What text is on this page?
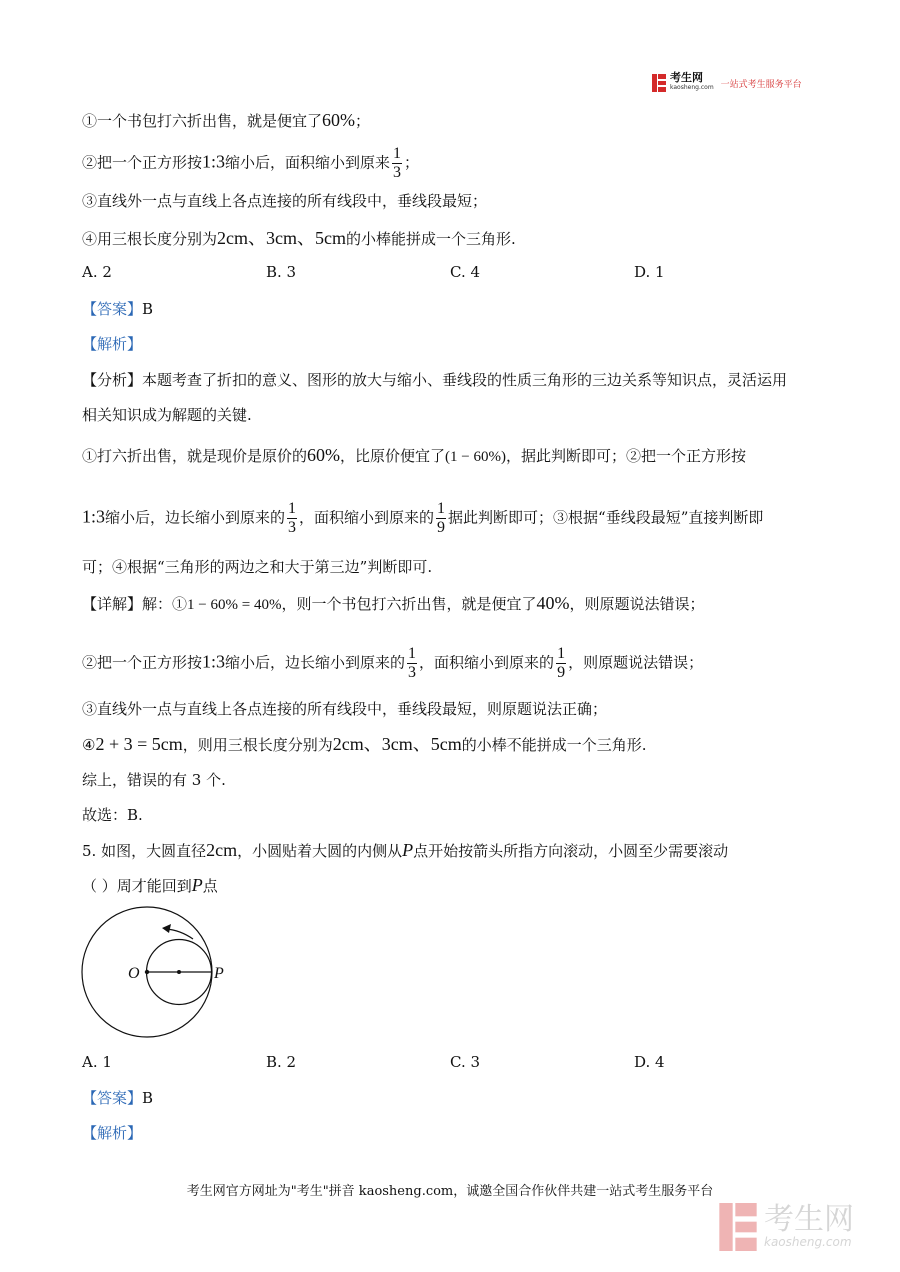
考生网
kaosheng.com 一站式考生服务平台
①一个书包打六折出售，就是便宜了60%；
②把一个正方形按1:3缩小后，面积缩小到原来 $\frac{1}{3}$ ；
③直线外一点与直线上各点连接的所有线段中，垂线段最短；
④用三根长度分别为2cm、3cm、5cm的小棒能拼成一个三角形.
A. 2	B. 3	C. 4	D. 1
【答案】B
【解析】
【分析】本题考查了折扣的意义、图形的放大与缩小、垂线段的性质三角形的三边关系等知识点，灵活运用
相关知识成为解题的关键.
①打六折出售，就是现价是原价的60%，比原价便宜了(1 − 60%)，据此判断即可；②把一个正方形按
1:3缩小后，边长缩小到原来的 $\frac{1}{3}$ ，面积缩小到原来的 $\frac{1}{9}$ 据此判断即可；③根据“垂线段最短”直接判断即
可；④根据“三角形的两边之和大于第三边”判断即可.
【详解】解：①1 − 60% = 40%，则一个书包打六折出售，就是便宜了40%，则原题说法错误；
②把一个正方形按1:3缩小后，边长缩小到原来的 $\frac{1}{3}$ ，面积缩小到原来的 $\frac{1}{9}$ ，则原题说法错误；
③直线外一点与直线上各点连接的所有线段中，垂线段最短，则原题说法正确；
④2 + 3 = 5cm，则用三根长度分别为2cm、3cm、5cm的小棒不能拼成一个三角形.
综上，错误的有 3 个.
故选：B.
5. 如图，大圆直径2cm，小圆贴着大圆的内侧从P点开始按箭头所指方向滚动，小圆至少需要滚动
（ ）周才能回到P点
O	P
A. 1	B. 2	C. 3	D. 4
【答案】B
【解析】
考生网官方网址为"考生"拼音 kaosheng.com，诚邀全国合作伙伴共建一站式考生服务平台
考生网
kaosheng.com
